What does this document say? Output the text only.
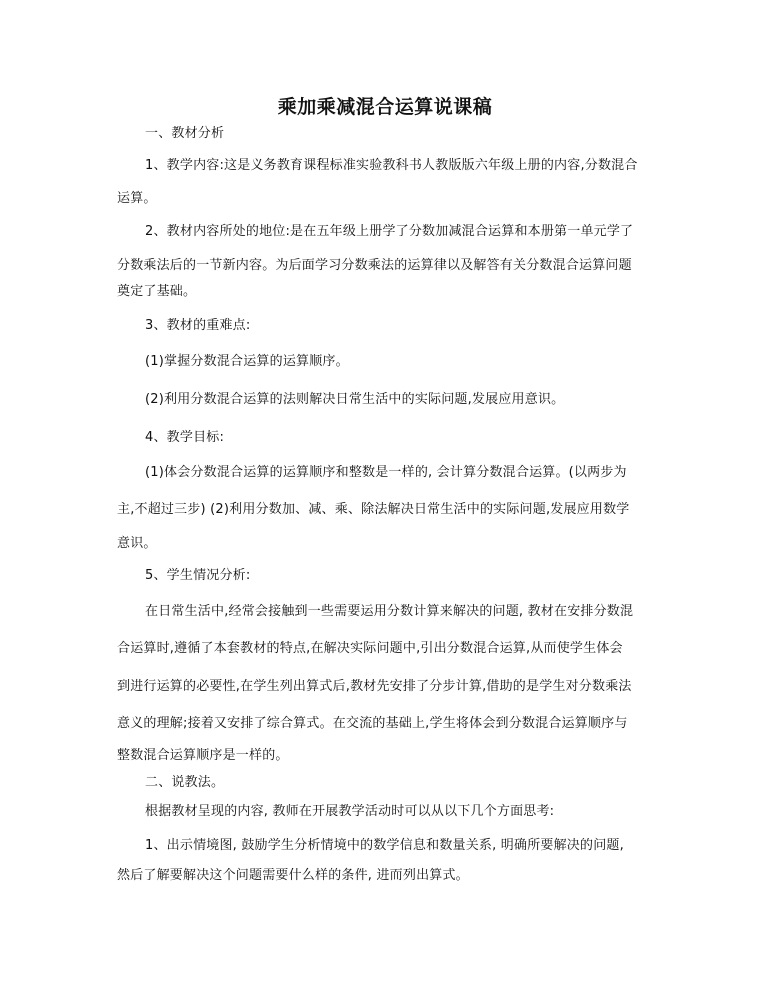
乘加乘减混合运算说课稿
一、教材分析
1、教学内容:这是义务教育课程标准实验教科书人教版版六年级上册的内容,分数混合
运算。
2、教材内容所处的地位:是在五年级上册学了分数加减混合运算和本册第一单元学了
分数乘法后的一节新内容。为后面学习分数乘法的运算律以及解答有关分数混合运算问题
奠定了基础。
3、教材的重难点:
(1)掌握分数混合运算的运算顺序。
(2)利用分数混合运算的法则解决日常生活中的实际问题,发展应用意识。
4、教学目标:
(1)体会分数混合运算的运算顺序和整数是一样的, 会计算分数混合运算。(以两步为
主,不超过三步) (2)利用分数加、减、乘、除法解决日常生活中的实际问题,发展应用数学
意识。
5、学生情况分析:
在日常生活中,经常会接触到一些需要运用分数计算来解决的问题, 教材在安排分数混
合运算时,遵循了本套教材的特点,在解决实际问题中,引出分数混合运算,从而使学生体会
到进行运算的必要性,在学生列出算式后,教材先安排了分步计算,借助的是学生对分数乘法
意义的理解;接着又安排了综合算式。在交流的基础上,学生将体会到分数混合运算顺序与
整数混合运算顺序是一样的。
二、说教法。
根据教材呈现的内容, 教师在开展教学活动时可以从以下几个方面思考:
1、出示情境图, 鼓励学生分析情境中的数学信息和数量关系, 明确所要解决的问题,
然后了解要解决这个问题需要什么样的条件, 进而列出算式。
